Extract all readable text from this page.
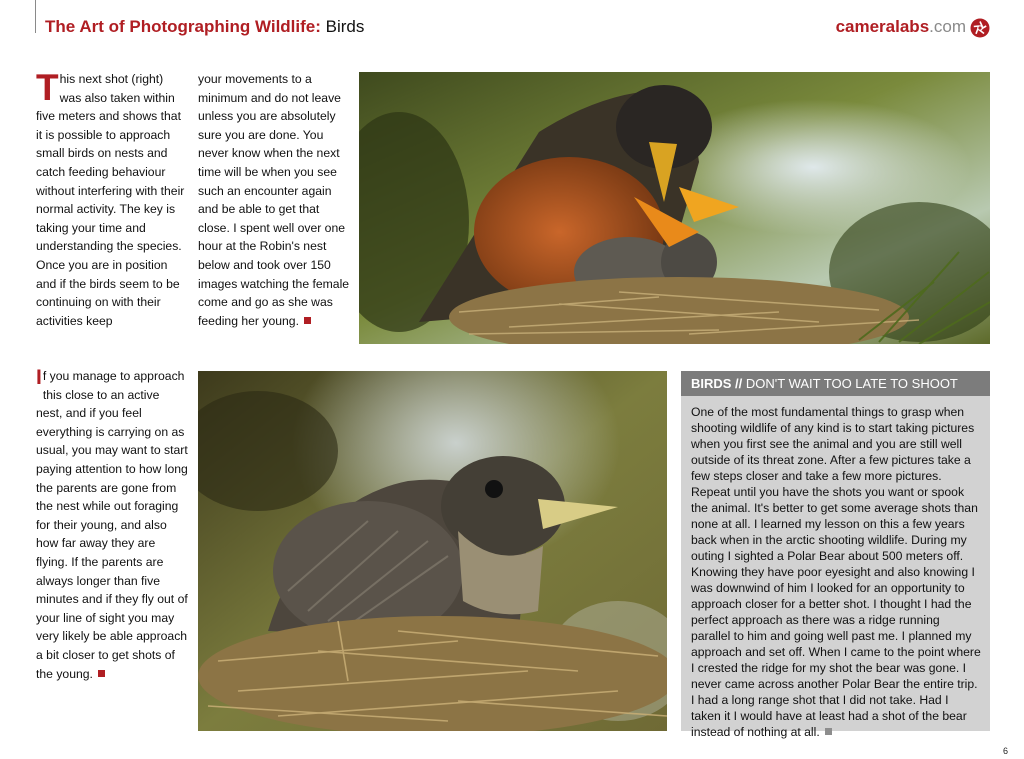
The Art of Photographing Wildlife: Birds	cameralabs.com

This next shot (right) was also taken within five meters and shows that it is possible to approach small birds on nests and catch feeding behaviour without interfering with their normal activity. The key is taking your time and understanding the species. Once you are in position and if the birds seem to be continuing on with their activities keep

If you manage to approach this close to an active nest, and if you feel everything is carrying on as usual, you may want to start paying attention to how long the parents are gone from the nest while out foraging for their young, and also how far away they are flying. If the parents are always longer than five minutes and if they fly out of your line of sight you may very likely be able approach a bit closer to get shots of the young.

your movements to a minimum and do not leave unless you are absolutely sure you are done. You never know when the next time will be when you see such an encounter again and be able to get that close. I spent well over one hour at the Robin's nest below and took over 150 images watching the female come and go as she was feeding her young.

BIRDS // DON'T WAIT TOO LATE TO SHOOT
One of the most fundamental things to grasp when shooting wildlife of any kind is to start taking pictures when you first see the animal and you are still well outside of its threat zone. After a few pictures take a few steps closer and take a few more pictures. Repeat until you have the shots you want or spook the animal. It's better to get some average shots than none at all. I learned my lesson on this a few years back when in the arctic shooting wildlife. During my outing I sighted a Polar Bear about 500 meters off. Knowing they have poor eyesight and also knowing I was downwind of him I looked for an opportunity to approach closer for a better shot. I thought I had the perfect approach as there was a ridge running parallel to him and going well past me. I planned my approach and set off. When I came to the point where I crested the ridge for my shot the bear was gone. I never came across another Polar Bear the entire trip. I had a long range shot that I did not take. Had I taken it I would have at least had a shot of the bear instead of nothing at all.
6
